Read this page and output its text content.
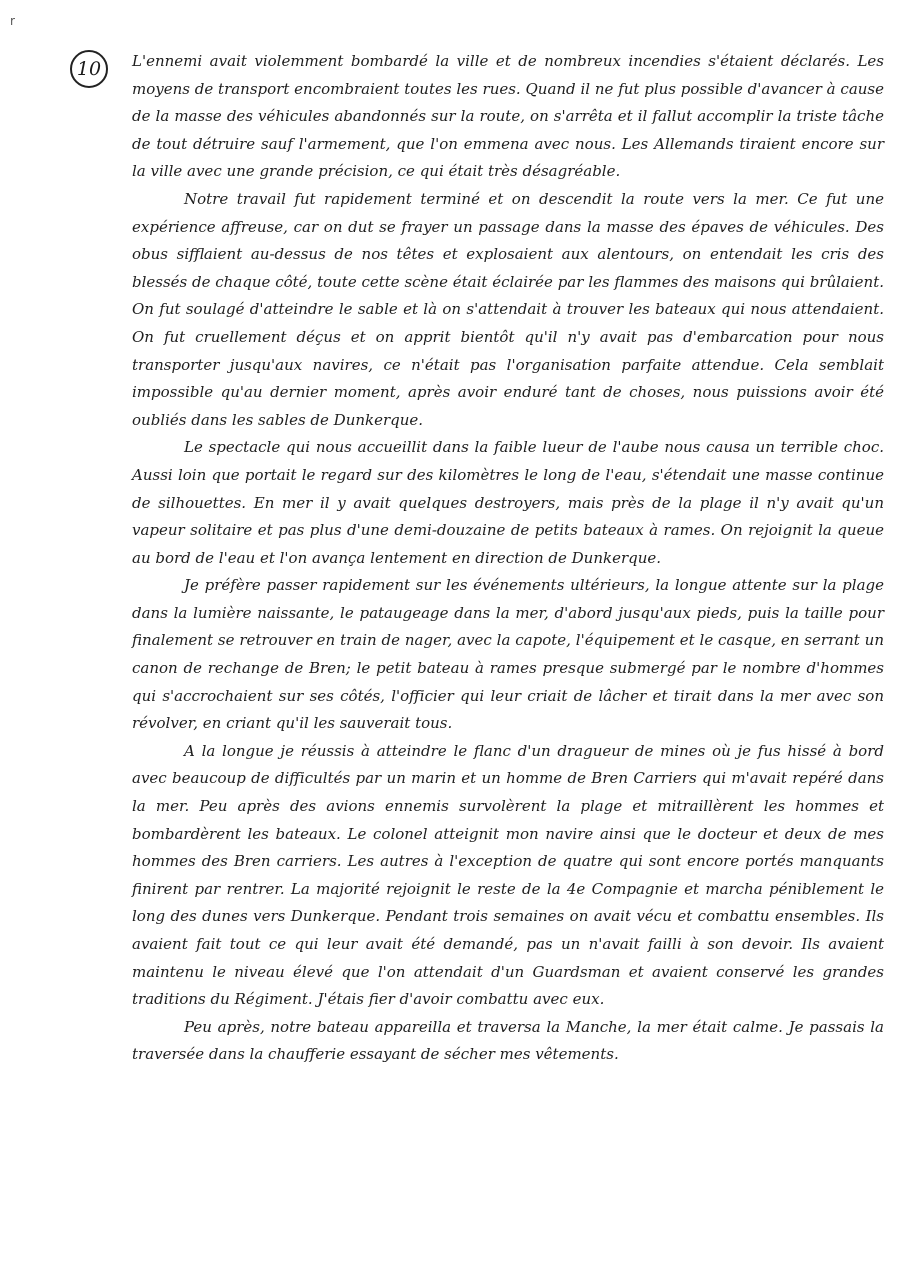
r
10	L'ennemi avait violemment bombardé la ville et de nombreux incendies s'étaient déclarés. Les moyens de transport encombraient toutes les rues. Quand il ne fut plus possible d'avancer à cause de la masse des véhicules abandonnés sur la route, on s'arrêta et il fallut accomplir la triste tâche de tout détruire sauf l'armement, que l'on emmena avec nous. Les Allemands tiraient encore sur la ville avec une grande précision, ce qui était très désagréable.

Notre travail fut rapidement terminé et on descendit la route vers la mer. Ce fut une expérience affreuse, car on dut se frayer un passage dans la masse des épaves de véhicules. Des obus sifflaient au-dessus de nos têtes et explosaient aux alentours, on entendait les cris des blessés de chaque côté, toute cette scène était éclairée par les flammes des maisons qui brûlaient. On fut soulagé d'atteindre le sable et là on s'attendait à trouver les bateaux qui nous attendaient. On fut cruellement déçus et on apprit bientôt qu'il n'y avait pas d'embarcation pour nous transporter jusqu'aux navires, ce n'était pas l'organisation parfaite attendue. Cela semblait impossible qu'au dernier moment, après avoir enduré tant de choses, nous puissions avoir été oubliés dans les sables de Dunkerque.

Le spectacle qui nous accueillit dans la faible lueur de l'aube nous causa un terrible choc. Aussi loin que portait le regard sur des kilomètres le long de l'eau, s'étendait une masse continue de silhouettes. En mer il y avait quelques destroyers, mais près de la plage il n'y avait qu'un vapeur solitaire et pas plus d'une demi-douzaine de petits bateaux à rames. On rejoignit la queue au bord de l'eau et l'on avança lentement en direction de Dunkerque.

Je préfère passer rapidement sur les événements ultérieurs, la longue attente sur la plage dans la lumière naissante, le pataugeage dans la mer, d'abord jusqu'aux pieds, puis la taille pour finalement se retrouver en train de nager, avec la capote, l'équipement et le casque, en serrant un canon de rechange de Bren; le petit bateau à rames presque submergé par le nombre d'hommes qui s'accrochaient sur ses côtés, l'officier qui leur criait de lâcher et tirait dans la mer avec son révolver, en criant qu'il les sauverait tous.

A la longue je réussis à atteindre le flanc d'un dragueur de mines où je fus hissé à bord avec beaucoup de difficultés par un marin et un homme de Bren Carriers qui m'avait repéré dans la mer. Peu après des avions ennemis survolèrent la plage et mitraillèrent les hommes et bombardèrent les bateaux. Le colonel atteignit mon navire ainsi que le docteur et deux de mes hommes des Bren carriers. Les autres à l'exception de quatre qui sont encore portés manquants finirent par rentrer. La majorité rejoignit le reste de la 4e Compagnie et marcha péniblement le long des dunes vers Dunkerque. Pendant trois semaines on avait vécu et combattu ensembles. Ils avaient fait tout ce qui leur avait été demandé, pas un n'avait failli à son devoir. Ils avaient maintenu le niveau élevé que l'on attendait d'un Guardsman et avaient conservé les grandes traditions du Régiment. J'étais fier d'avoir combattu avec eux.

Peu après, notre bateau appareilla et traversa la Manche, la mer était calme. Je passais la traversée dans la chaufferie essayant de sécher mes vêtements.
